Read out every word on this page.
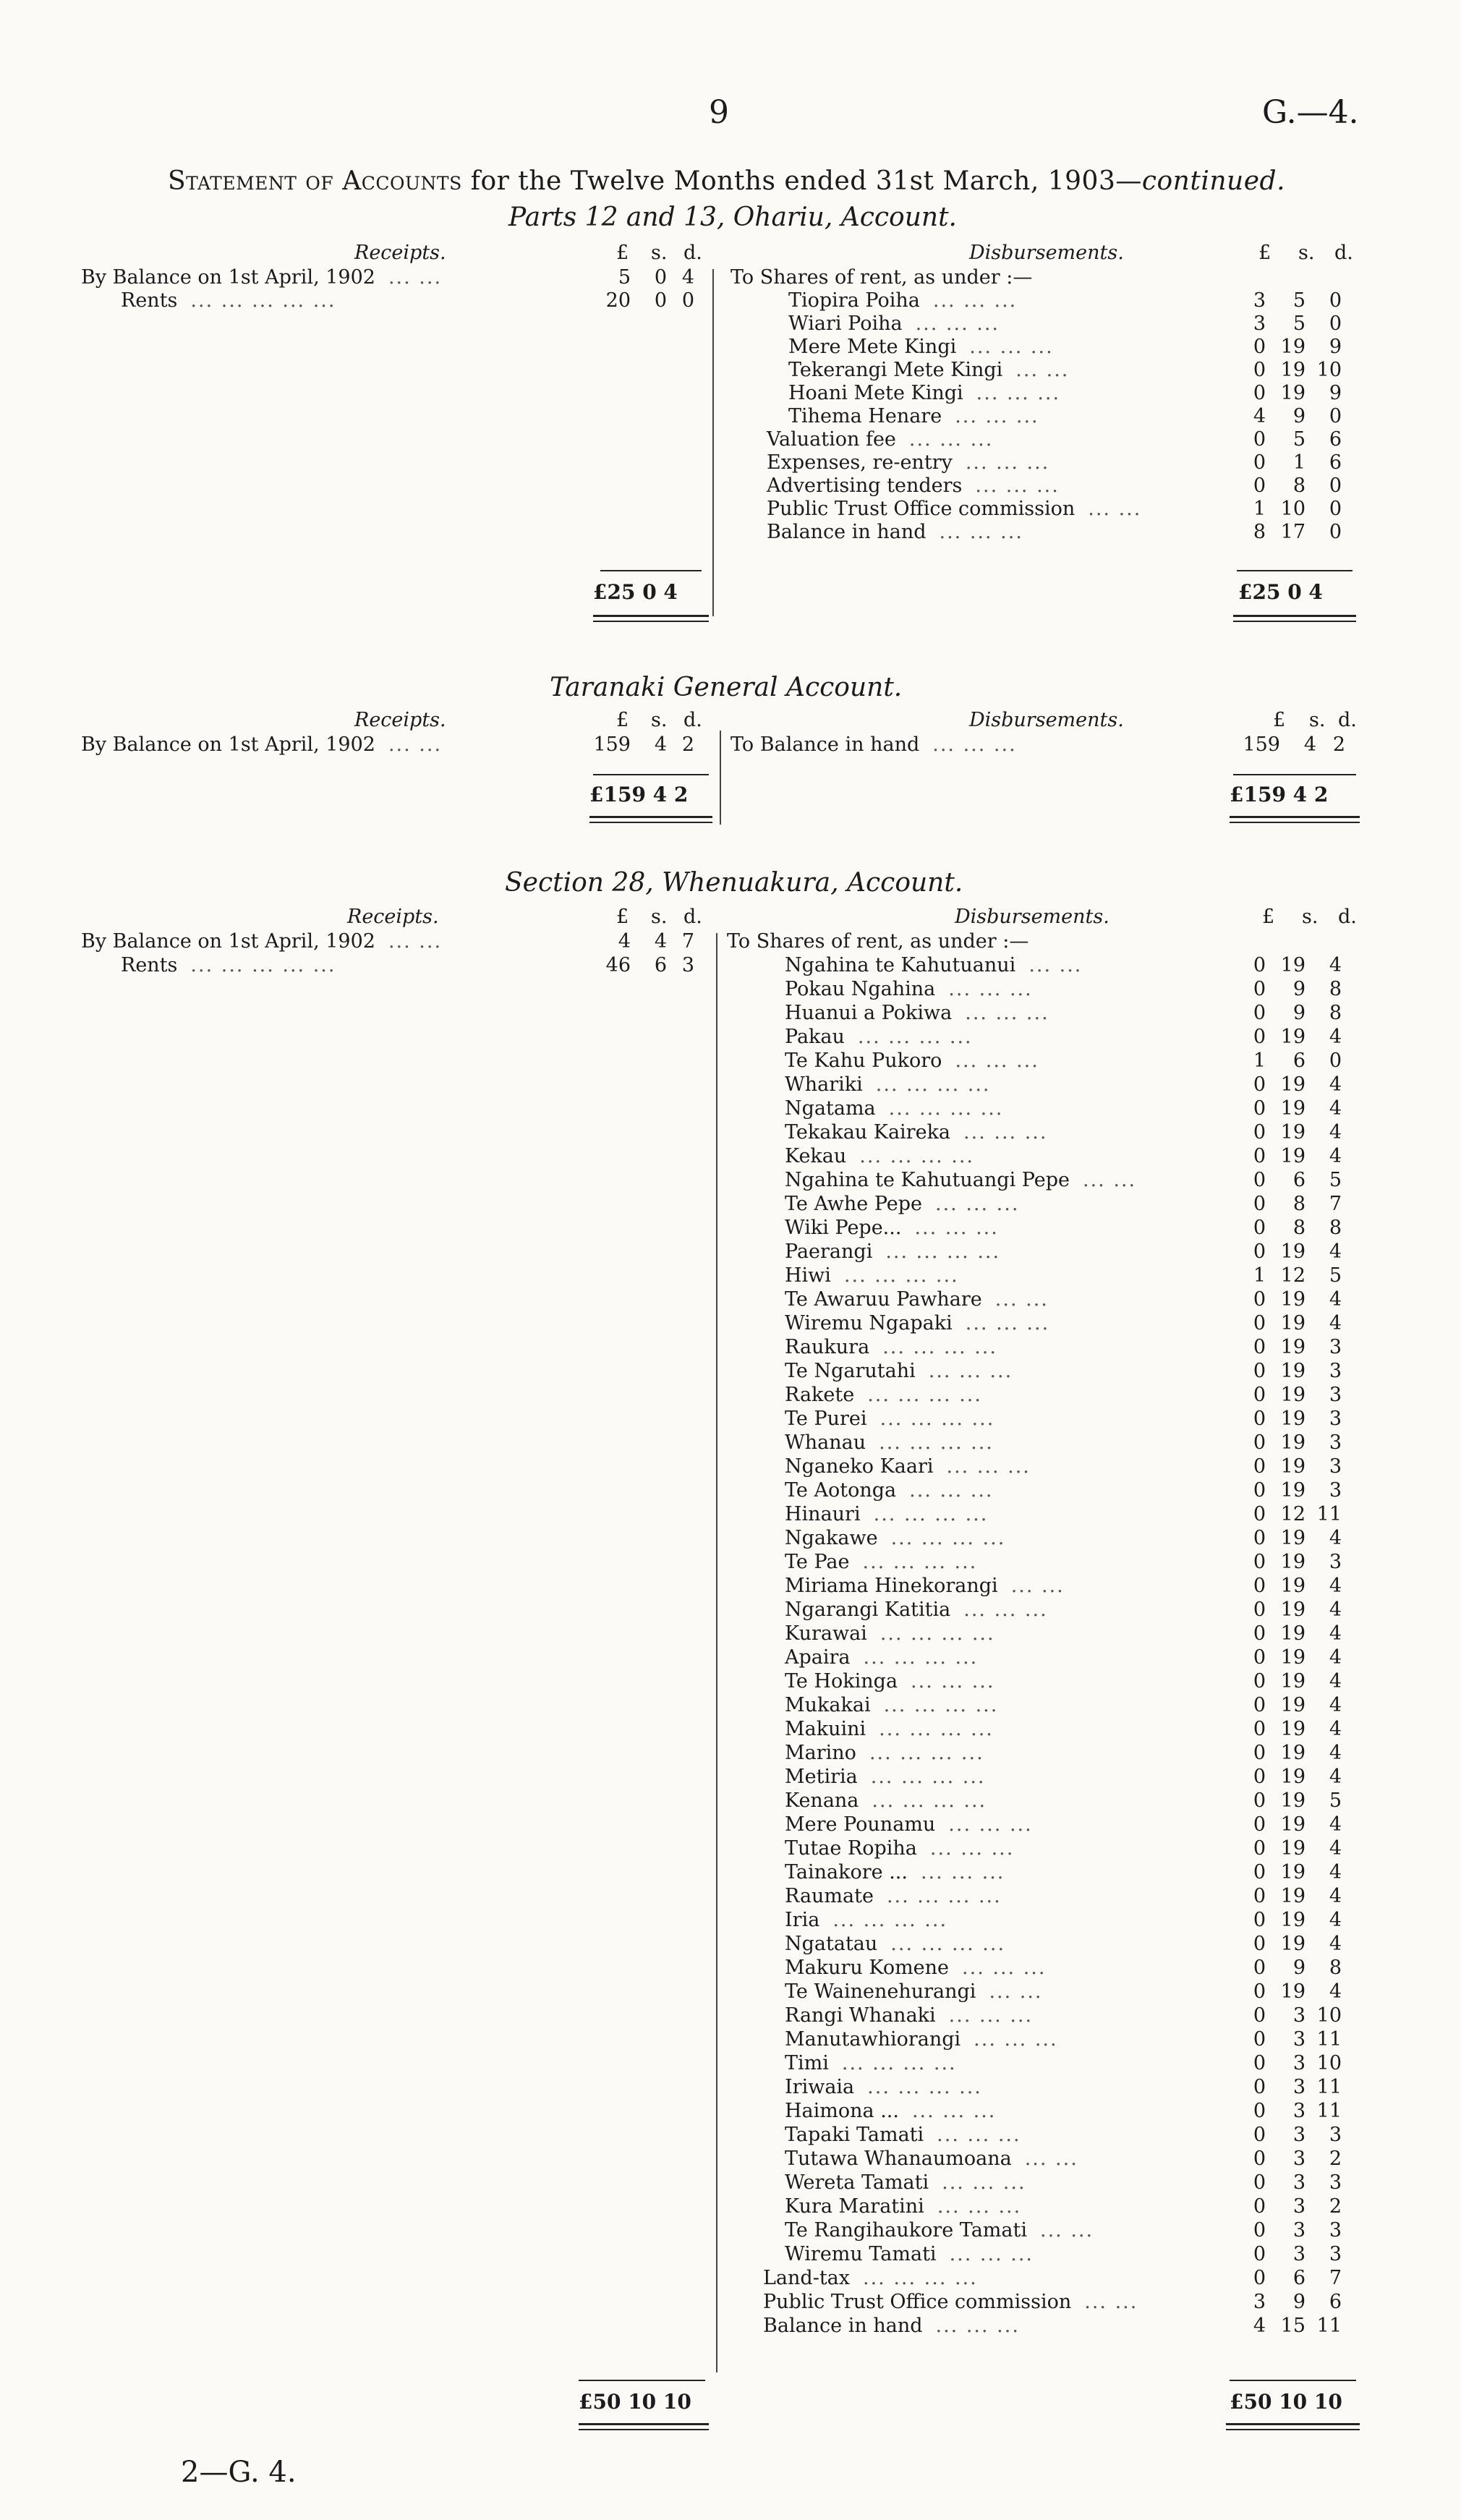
9	G.—4.
Statement of Accounts for the Twelve Months ended 31st March, 1903—continued.
Parts 12 and 13, Ohariu, Account.
Receipts.	£ s. d.	Disbursements.	£ s. d.
By Balance on 1st April, 1902 ... ...	5	0 4
Rents ... ... ... ... ...	20	0 0
To Shares of rent, as under :—
Tiopira Poiha ... ... ...	3	5	0
Wiari Poiha ... ... ...	3	5	0
Mere Mete Kingi ... ... ...	0 19	9
Tekerangi Mete Kingi ... ...	0 19 10
Hoani Mete Kingi ... ... ...	0 19	9
Tihema Henare ... ... ...	4	9	0
Valuation fee ... ... ...	0	5	6
Expenses, re-entry ... ... ...	0	1	6
Advertising tenders ... ... ...	0	8	0
Public Trust Office commission ... ...	1 10	0
Balance in hand ... ... ...	8 17	0
£25 0 4	£25 0 4
Taranaki General Account.
Receipts.	£ s. d.	Disbursements.	£ s. d.
By Balance on 1st April, 1902 ... ...	159	4 2 To Balance in hand ... ... ...	159	4 2
£159 4 2	£159 4 2
Section 28, Whenuakura, Account.
Receipts.	£ s. d.	Disbursements.	£ s. d.
By Balance on 1st April, 1902 ... ...	4	4 7
Rents ... ... ... ... ...	46	6 3
To Shares of rent, as under :—
Ngahina te Kahutuanui ... ...	0 19	4
Pokau Ngahina ... ... ...	0	9	8
Huanui a Pokiwa ... ... ...	0	9	8
Pakau ... ... ... ...	0 19	4
Te Kahu Pukoro ... ... ...	1	6	0
Whariki ... ... ... ...	0 19	4
Ngatama ... ... ... ...	0 19	4
Tekakau Kaireka ... ... ...	0 19	4
Kekau ... ... ... ...	0 19	4
Ngahina te Kahutuangi Pepe ... ...	0	6	5
Te Awhe Pepe ... ... ...	0	8	7
Wiki Pepe... ... ... ...	0	8	8
Paerangi ... ... ... ...	0 19	4
Hiwi ... ... ... ...	1 12	5
Te Awaruu Pawhare ... ...	0 19	4
Wiremu Ngapaki ... ... ...	0 19	4
Raukura ... ... ... ...	0 19	3
Te Ngarutahi ... ... ...	0 19	3
Rakete ... ... ... ...	0 19	3
Te Purei ... ... ... ...	0 19	3
Whanau ... ... ... ...	0 19	3
Nganeko Kaari ... ... ...	0 19	3
Te Aotonga ... ... ...	0 19	3
Hinauri ... ... ... ...	0 12 11
Ngakawe ... ... ... ...	0 19	4
Te Pae ... ... ... ...	0 19	3
Miriama Hinekorangi ... ...	0 19	4
Ngarangi Katitia ... ... ...	0 19	4
Kurawai ... ... ... ...	0 19	4
Apaira ... ... ... ...	0 19	4
Te Hokinga ... ... ...	0 19	4
Mukakai ... ... ... ...	0 19	4
Makuini ... ... ... ...	0 19	4
Marino ... ... ... ...	0 19	4
Metiria ... ... ... ...	0 19	4
Kenana ... ... ... ...	0 19	5
Mere Pounamu ... ... ...	0 19	4
Tutae Ropiha ... ... ...	0 19	4
Tainakore ... ... ... ...	0 19	4
Raumate ... ... ... ...	0 19	4
Iria ... ... ... ...	0 19	4
Ngatatau ... ... ... ...	0 19	4
Makuru Komene ... ... ...	0	9	8
Te Wainenehurangi ... ...	0 19	4
Rangi Whanaki ... ... ...	0	3 10
Manutawhiorangi ... ... ...	0	3 11
Timi ... ... ... ...	0	3 10
Iriwaia ... ... ... ...	0	3 11
Haimona ... ... ... ...	0	3 11
Tapaki Tamati ... ... ...	0	3	3
Tutawa Whanaumoana ... ...	0	3	2
Wereta Tamati ... ... ...	0	3	3
Kura Maratini ... ... ...	0	3	2
Te Rangihaukore Tamati ... ...	0	3	3
Wiremu Tamati ... ... ...	0	3	3
Land-tax ... ... ... ...	0	6	7
Public Trust Office commission ... ...	3	9	6
Balance in hand ... ... ...	4 15 11
£50 10 10	£50 10 10
2—G. 4.
